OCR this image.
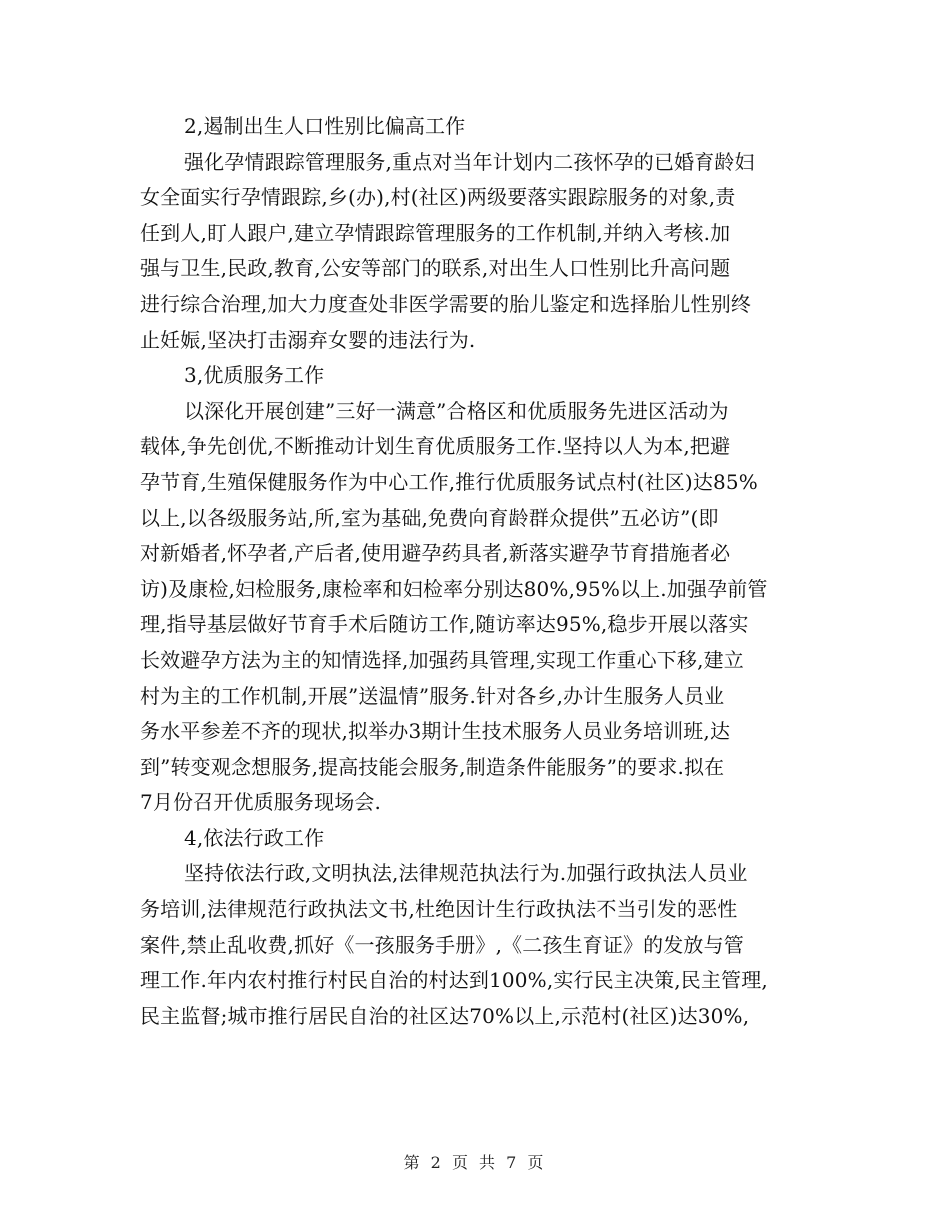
2,遏制出生人口性别比偏高工作
强化孕情跟踪管理服务,重点对当年计划内二孩怀孕的已婚育龄妇
女全面实行孕情跟踪,乡(办),村(社区)两级要落实跟踪服务的对象,责
任到人,盯人跟户,建立孕情跟踪管理服务的工作机制,并纳入考核.加
强与卫生,民政,教育,公安等部门的联系,对出生人口性别比升高问题
进行综合治理,加大力度查处非医学需要的胎儿鉴定和选择胎儿性别终
止妊娠,坚决打击溺弃女婴的违法行为.
3,优质服务工作
以深化开展创建”三好一满意”合格区和优质服务先进区活动为
载体,争先创优,不断推动计划生育优质服务工作.坚持以人为本,把避
孕节育,生殖保健服务作为中心工作,推行优质服务试点村(社区)达85%
以上,以各级服务站,所,室为基础,免费向育龄群众提供”五必访”(即
对新婚者,怀孕者,产后者,使用避孕药具者,新落实避孕节育措施者必
访)及康检,妇检服务,康检率和妇检率分别达80%,95%以上.加强孕前管
理,指导基层做好节育手术后随访工作,随访率达95%,稳步开展以落实
长效避孕方法为主的知情选择,加强药具管理,实现工作重心下移,建立
村为主的工作机制,开展”送温情”服务.针对各乡,办计生服务人员业
务水平参差不齐的现状,拟举办3期计生技术服务人员业务培训班,达
到”转变观念想服务,提高技能会服务,制造条件能服务”的要求.拟在
7月份召开优质服务现场会.
4,依法行政工作
坚持依法行政,文明执法,法律规范执法行为.加强行政执法人员业
务培训,法律规范行政执法文书,杜绝因计生行政执法不当引发的恶性
案件,禁止乱收费,抓好《一孩服务手册》,《二孩生育证》的发放与管
理工作.年内农村推行村民自治的村达到100%,实行民主决策,民主管理,
民主监督;城市推行居民自治的社区达70%以上,示范村(社区)达30%,
第 2 页 共 7 页
